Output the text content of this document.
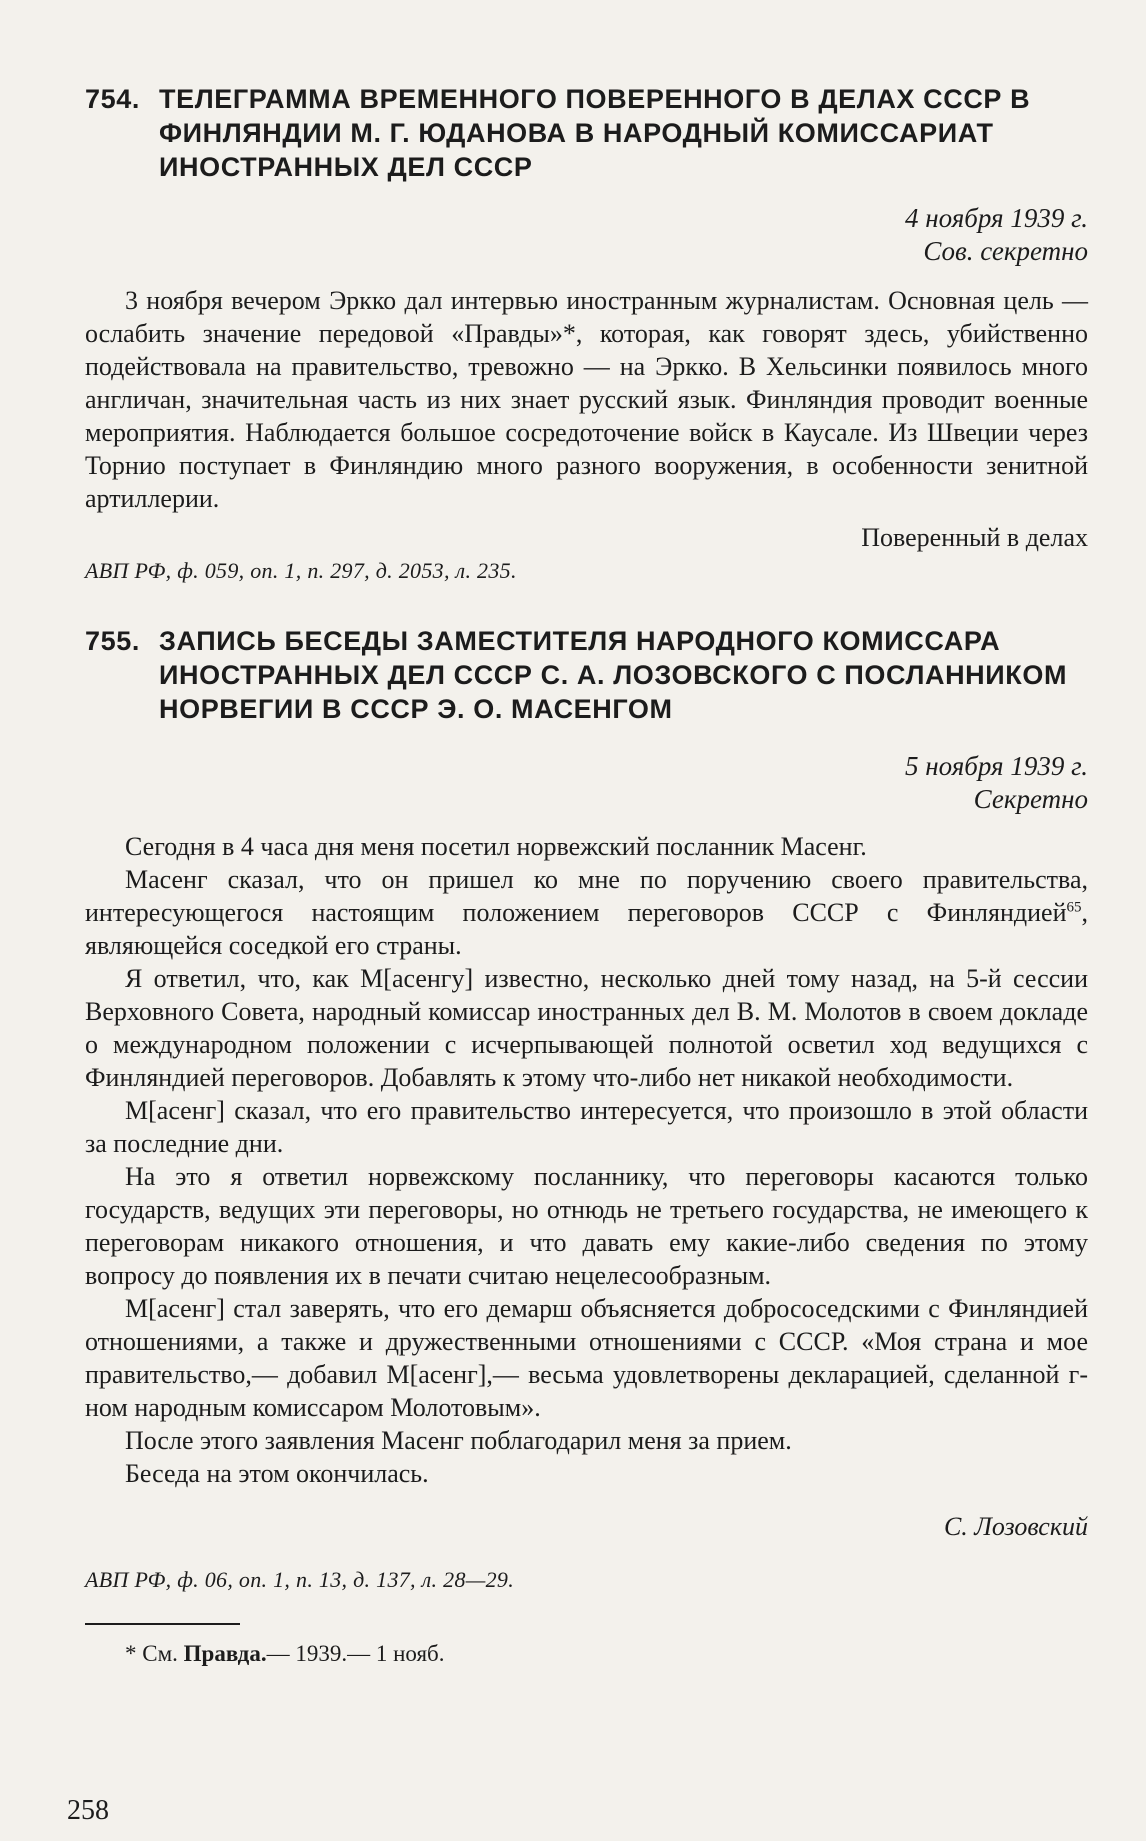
754. ТЕЛЕГРАММА ВРЕМЕННОГО ПОВЕРЕННОГО В ДЕЛАХ СССР В ФИНЛЯНДИИ М. Г. ЮДАНОВА В НАРОДНЫЙ КОМИССАРИАТ ИНОСТРАННЫХ ДЕЛ СССР
4 ноября 1939 г.
Сов. секретно

3 ноября вечером Эркко дал интервью иностранным журналистам. Основная цель — ослабить значение передовой «Правды»*, которая, как говорят здесь, убийственно подействовала на правительство, тревожно — на Эркко. В Хельсинки появилось много англичан, значительная часть из них знает русский язык. Финляндия проводит военные мероприятия. Наблюдается большое сосредоточение войск в Каусале. Из Швеции через Торнио поступает в Финляндию много разного вооружения, в особенности зенитной артиллерии.

Поверенный в делах
АВП РФ, ф. 059, оп. 1, п. 297, д. 2053, л. 235.
755. ЗАПИСЬ БЕСЕДЫ ЗАМЕСТИТЕЛЯ НАРОДНОГО КОМИССАРА ИНОСТРАННЫХ ДЕЛ СССР С. А. ЛОЗОВСКОГО С ПОСЛАННИКОМ НОРВЕГИИ В СССР Э. О. МАСЕНГОМ
5 ноября 1939 г.
Секретно

Сегодня в 4 часа дня меня посетил норвежский посланник Масенг.

Масенг сказал, что он пришел ко мне по поручению своего правительства, интересующегося настоящим положением переговоров СССР с Финляндией$^{65}$, являющейся соседкой его страны.

Я ответил, что, как М[асенгу] известно, несколько дней тому назад, на 5-й сессии Верховного Совета, народный комиссар иностранных дел В. М. Молотов в своем докладе о международном положении с исчерпывающей полнотой осветил ход ведущихся с Финляндией переговоров. Добавлять к этому что-либо нет никакой необходимости.

М[асенг] сказал, что его правительство интересуется, что произошло в этой области за последние дни.

На это я ответил норвежскому посланнику, что переговоры касаются только государств, ведущих эти переговоры, но отнюдь не третьего государства, не имеющего к переговорам никакого отношения, и что давать ему какие-либо сведения по этому вопросу до появления их в печати считаю нецелесообразным.

М[асенг] стал заверять, что его демарш объясняется добрососедскими с Финляндией отношениями, а также и дружественными отношениями с СССР. «Моя страна и мое правительство,— добавил М[асенг],— весьма удовлетворены декларацией, сделанной г-ном народным комиссаром Молотовым».

После этого заявления Масенг поблагодарил меня за прием.

Беседа на этом окончилась.

С. Лозовский
АВП РФ, ф. 06, оп. 1, п. 13, д. 137, л. 28—29.
* См. Правда.— 1939.— 1 нояб.
258
